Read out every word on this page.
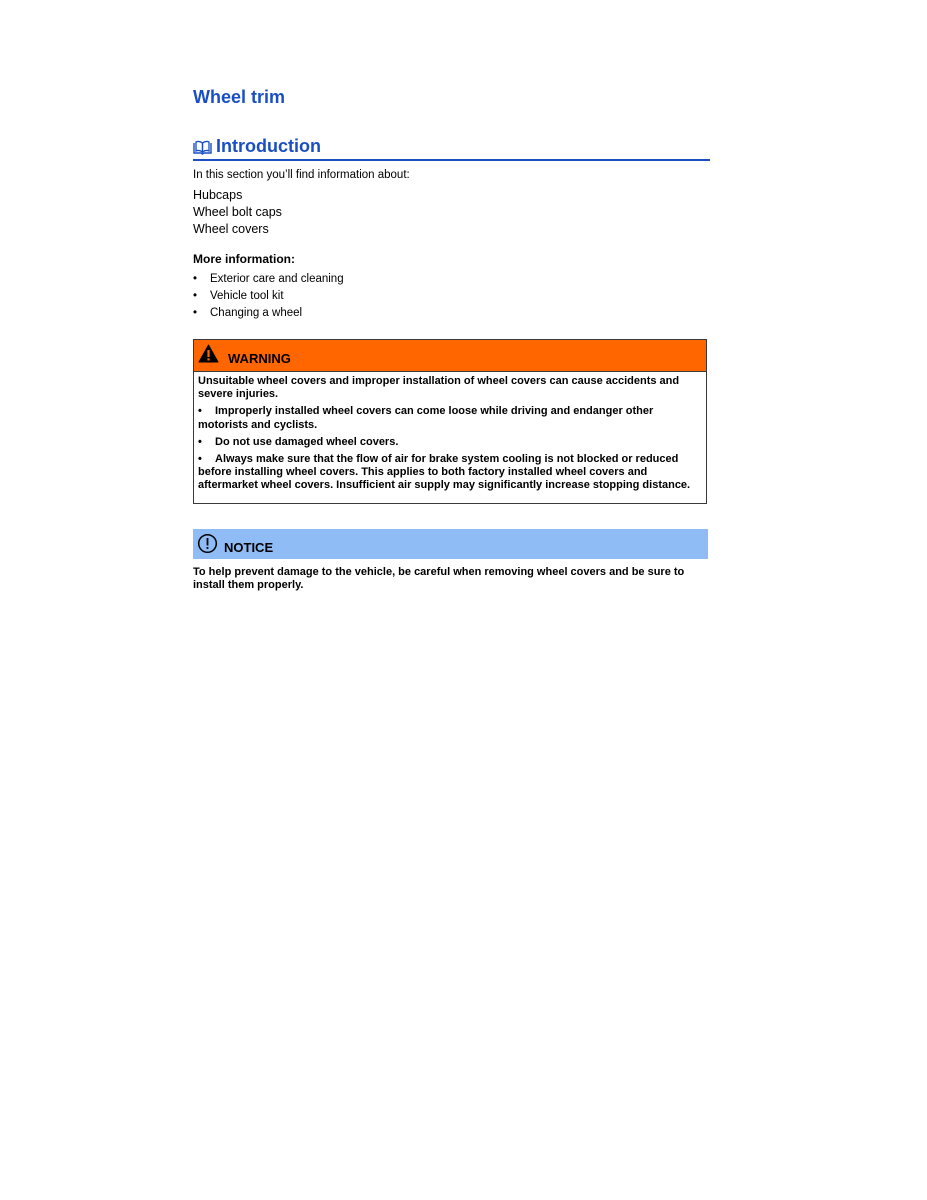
Wheel trim
Introduction
In this section you’ll find information about:
Hubcaps
Wheel bolt caps
Wheel covers
More information:
• Exterior care and cleaning
• Vehicle tool kit
• Changing a wheel
WARNING

Unsuitable wheel covers and improper installation of wheel covers can cause accidents and severe injuries.

• Improperly installed wheel covers can come loose while driving and endanger other motorists and cyclists.

• Do not use damaged wheel covers.

• Always make sure that the flow of air for brake system cooling is not blocked or reduced before installing wheel covers. This applies to both factory installed wheel covers and aftermarket wheel covers. Insufficient air supply may significantly increase stopping distance.

NOTICE
To help prevent damage to the vehicle, be careful when removing wheel covers and be sure to install them properly.
